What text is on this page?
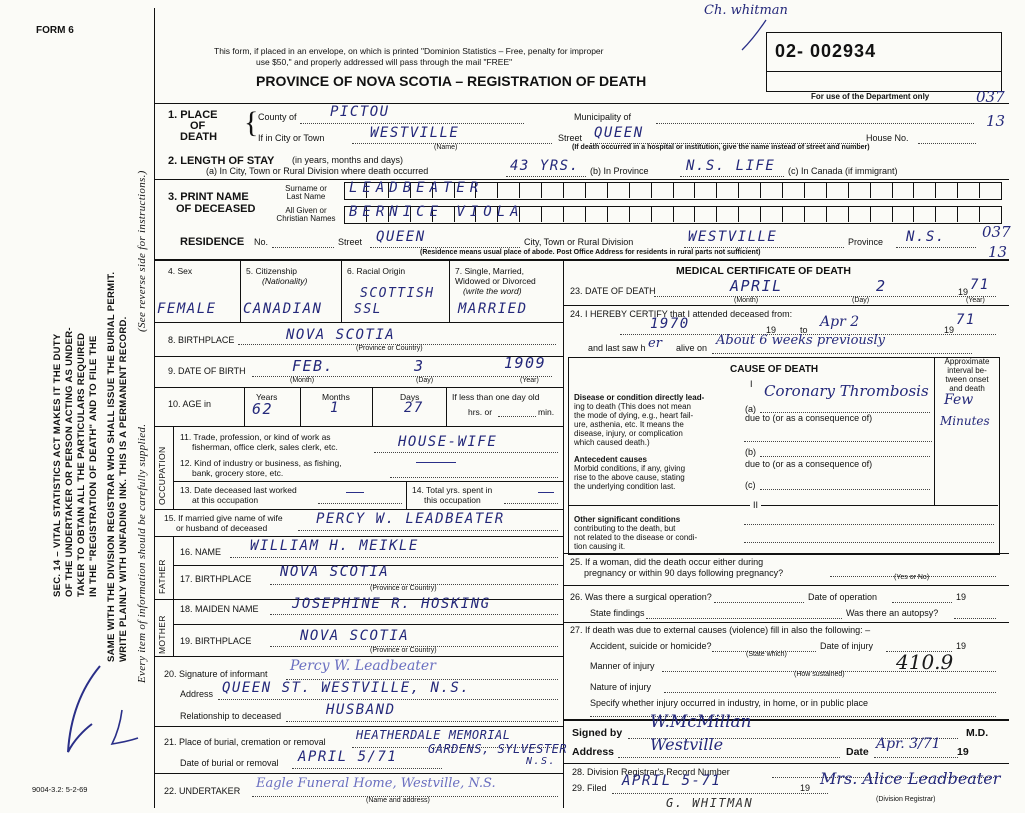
FORM 6
SEC. 14 – VITAL STATISTICS ACT MAKES IT THE DUTY OF THE UNDERTAKER OR PERSON ACTING AS UNDER- TAKER TO OBTAIN ALL THE PARTICULARS REQUIRED IN THE "REGISTRATION OF DEATH" AND TO FILE THE SAME WITH THE DIVISION REGISTRAR WHO SHALL ISSUE THE BURIAL PERMIT. WRITE PLAINLY WITH UNFADING INK. THIS IS A PERMANENT RECORD. Every item of information should be carefully supplied.
(See reverse side for instructions.)
9004-3.2: 5-2-69
This form, if placed in an envelope, on which is printed "Dominion Statistics – Free, penalty for improper
use $50," and properly addressed will pass through the mail "FREE"
PROVINCE OF NOVA SCOTIA – REGISTRATION OF DEATH
Ch. whitman
02- 002934
For use of the Department only	037
13
037
13
1. PLACE
OF
DEATH { County of PICTOU	Municipality of
If in City or Town	WESTVILLE
(Name)
Street QUEEN	House No.
(If death occurred in a hospital or institution, give the name instead of street and number)
2. LENGTH OF STAY (in years, months and days)
(a) In City, Town or Rural Division where death occurred	43 YRS. (b) In Province	N.S. LIFE (c) In Canada (if immigrant)
3. PRINT NAME
OF DECEASED
Surname or
Last Name
All Given or
Christian Names
LEADBEATER
BERNICE VIOLA
RESIDENCE No.	Street QUEEN	City, Town or Rural Division	WESTVILLE	Province N.S.
(Residence means usual place of abode. Post Office Address for residents in rural parts not sufficient)
4. Sex	5. Citizenship
(Nationality)
6. Racial Origin	7. Single, Married,
Widowed or Divorced
(write the word)
FEMALE CANADIAN
SCOTTISH
SSL	MARRIED
8. BIRTHPLACE	NOVA SCOTIA
(Province or Country)
9. DATE OF BIRTH	FEB.	3	1909
(Month)	(Day)	(Year)
10. AGE in
Years	Months	Days
62	1	27
If less than one day old
hrs. or	min.
OCCUPATION
11. Trade, profession, or kind of work as
fisherman, office clerk, sales clerk, etc.	HOUSE-WIFE
12. Kind of industry or business, as fishing,
bank, grocery store, etc.
13. Date deceased last worked
at this occupation
14. Total yrs. spent in
this occupation
15. If married give name of wife
or husband of deceased
PERCY W. LEADBEATER
FATHER
16. NAME WILLIAM H. MEIKLE
17. BIRTHPLACE NOVA SCOTIA
(Province or Country)
MOTHER
18. MAIDEN NAME JOSEPHINE R. HOSKING
19. BIRTHPLACE	NOVA SCOTIA
(Province or Country)
20. Signature of informant Percy W. Leadbeater
Address QUEEN ST. WESTVILLE, N.S.
Relationship to deceased	HUSBAND
21. Place of burial, cremation or removal	HEATHERDALE MEMORIAL
GARDENS, SYLVESTER
N.S.
Date of burial or removal APRIL 5/71
22. UNDERTAKER Eagle Funeral Home, Westville, N.S.
(Name and address)
MEDICAL CERTIFICATE OF DEATH
23. DATE OF DEATH	APRIL	2	19 71
(Month)	(Day)	(Year)
24. I HEREBY CERTIFY that I attended deceased from:
1970	19	to Apr 2	19
71
and last saw h er alive on About 6 weeks previously
CAUSE OF DEATH
Approximate
interval be-
tween onset
and death
I
Disease or condition directly lead-
ing to death (This does not mean
the mode of dying, e.g., heart fail-
ure, asthenia, etc. It means the
disease, injury, or complication
which caused death.)
(a)
Coronary Thrombosis
due to (or as a consequence of)
Few
Minutes
Antecedent causes
Morbid conditions, if any, giving
rise to the above cause, stating
the underlying condition last.
(b)
due to (or as a consequence of)
(c)
II
Other significant conditions
contributing to the death, but
not related to the disease or condi-
tion causing it.
25. If a woman, did the death occur either during
pregnancy or within 90 days following pregnancy?	(Yes or No)
26. Was there a surgical operation?	Date of operation	19
State findings	Was there an autopsy?
27. If death was due to external causes (violence) fill in also the following: –
Accident, suicide or homicide?
(State which)
Date of injury	19
Manner of injury
(How sustained)
410.9
Nature of injury
Specify whether injury occurred in industry, in home, or in public place
Signed by
W.McMillan
M.D.
Address Westville	Date Apr. 3/71 19
28. Division Registrar's Record Number
29. Filed APRIL 5-71	19 Mrs. Alice Leadbeater
(Division Registrar)
G. WHITMAN
